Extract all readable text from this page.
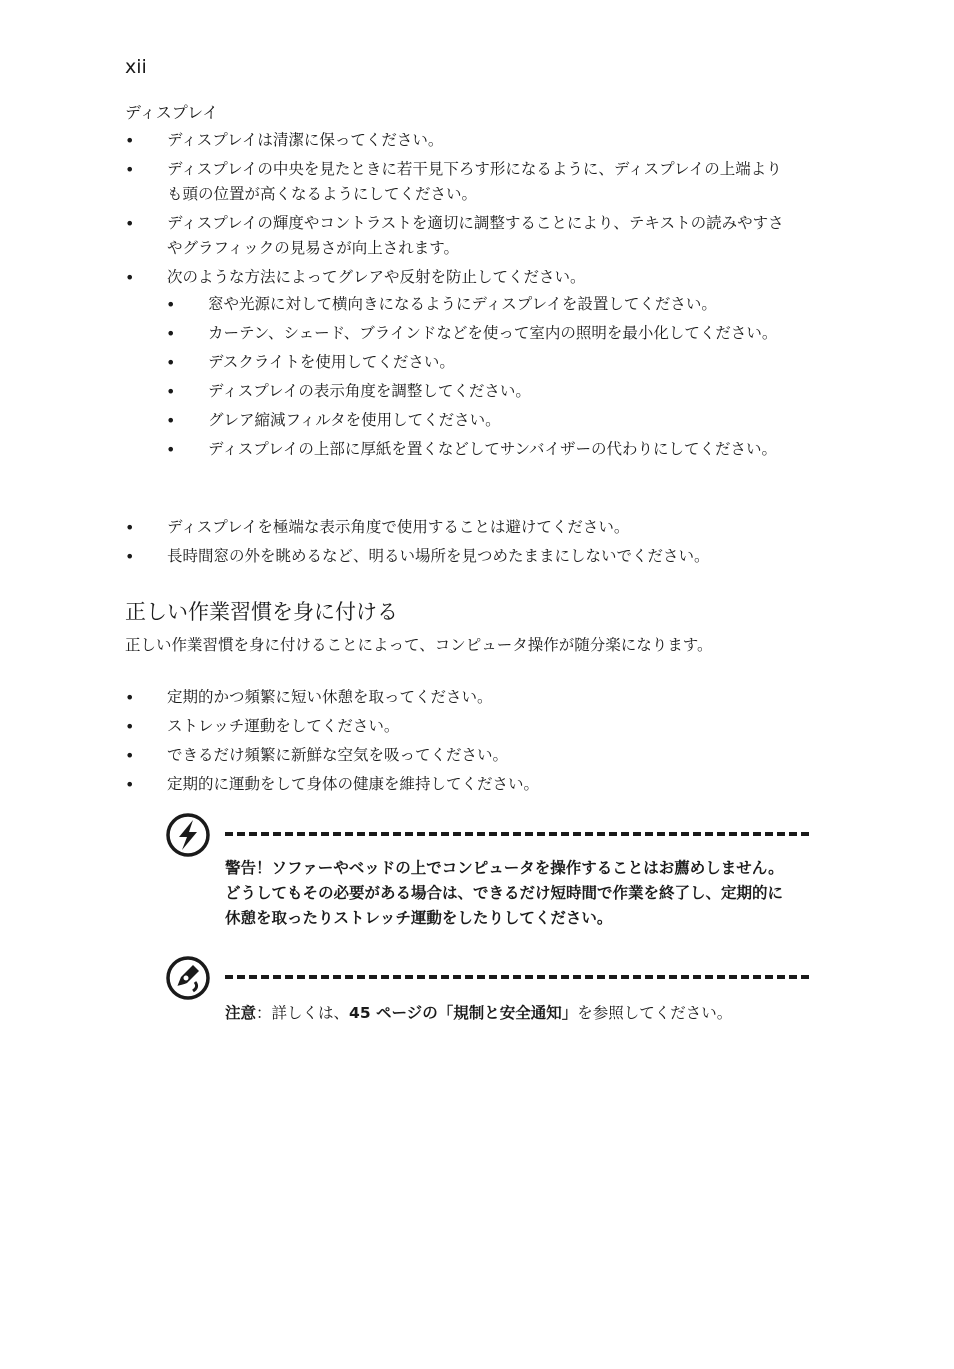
xii
ディスプレイ
• ディスプレイは清潔に保ってください。
• ディスプレイの中央を見たときに若干見下ろす形になるように、ディスプレイの上端よりも頭の位置が高くなるようにしてください。
• ディスプレイの輝度やコントラストを適切に調整することにより、テキストの読みやすさやグラフィックの見易さが向上されます。
• 次のような方法によってグレアや反射を防止してください。
• 窓や光源に対して横向きになるようにディスプレイを設置してください。
• カーテン、シェード、ブラインドなどを使って室内の照明を最小化してください。
• デスクライトを使用してください。
• ディスプレイの表示角度を調整してください。
• グレア縮減フィルタを使用してください。
• ディスプレイの上部に厚紙を置くなどしてサンバイザーの代わりにしてください。
• ディスプレイを極端な表示角度で使用することは避けてください。
• 長時間窓の外を眺めるなど、明るい場所を見つめたままにしないでください。
正しい作業習慣を身に付ける

正しい作業習慣を身に付けることによって、コンピュータ操作が随分楽になります。

• 定期的かつ頻繁に短い休憩を取ってください。
• ストレッチ運動をしてください。
• できるだけ頻繁に新鮮な空気を吸ってください。
• 定期的に運動をして身体の健康を維持してください。
警告！ソファーやベッドの上でコンピュータを操作することはお薦めしません。どうしてもその必要がある場合は、できるだけ短時間で作業を終了し、定期的に休憩を取ったりストレッチ運動をしたりしてください。
注意：詳しくは、45 ページの「規制と安全通知」を参照してください。
